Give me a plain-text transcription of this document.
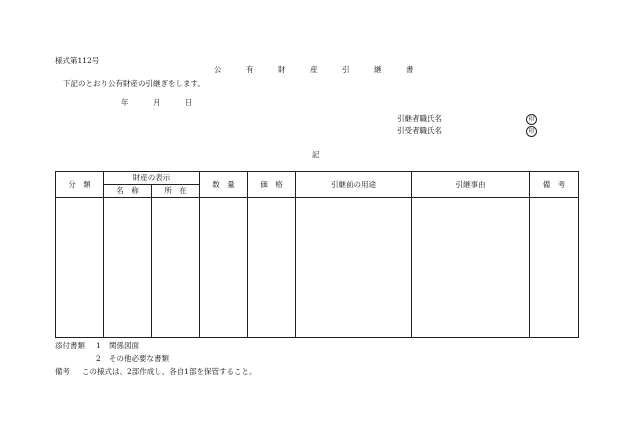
様式第112号
公	有	財	産	引	継	書
下記のとおり公有財産の引継ぎをします。
年	月	日
引継者職氏名	印
引受者職氏名	印
記
分　類	財産の表示		数　量	価　格	引継前の用途	引継事由	備　考
	名　称	所　在					

添付書類 1 関係図面
2 その他必要な書類
備考 この様式は、2部作成し、各自1部を保管すること。
